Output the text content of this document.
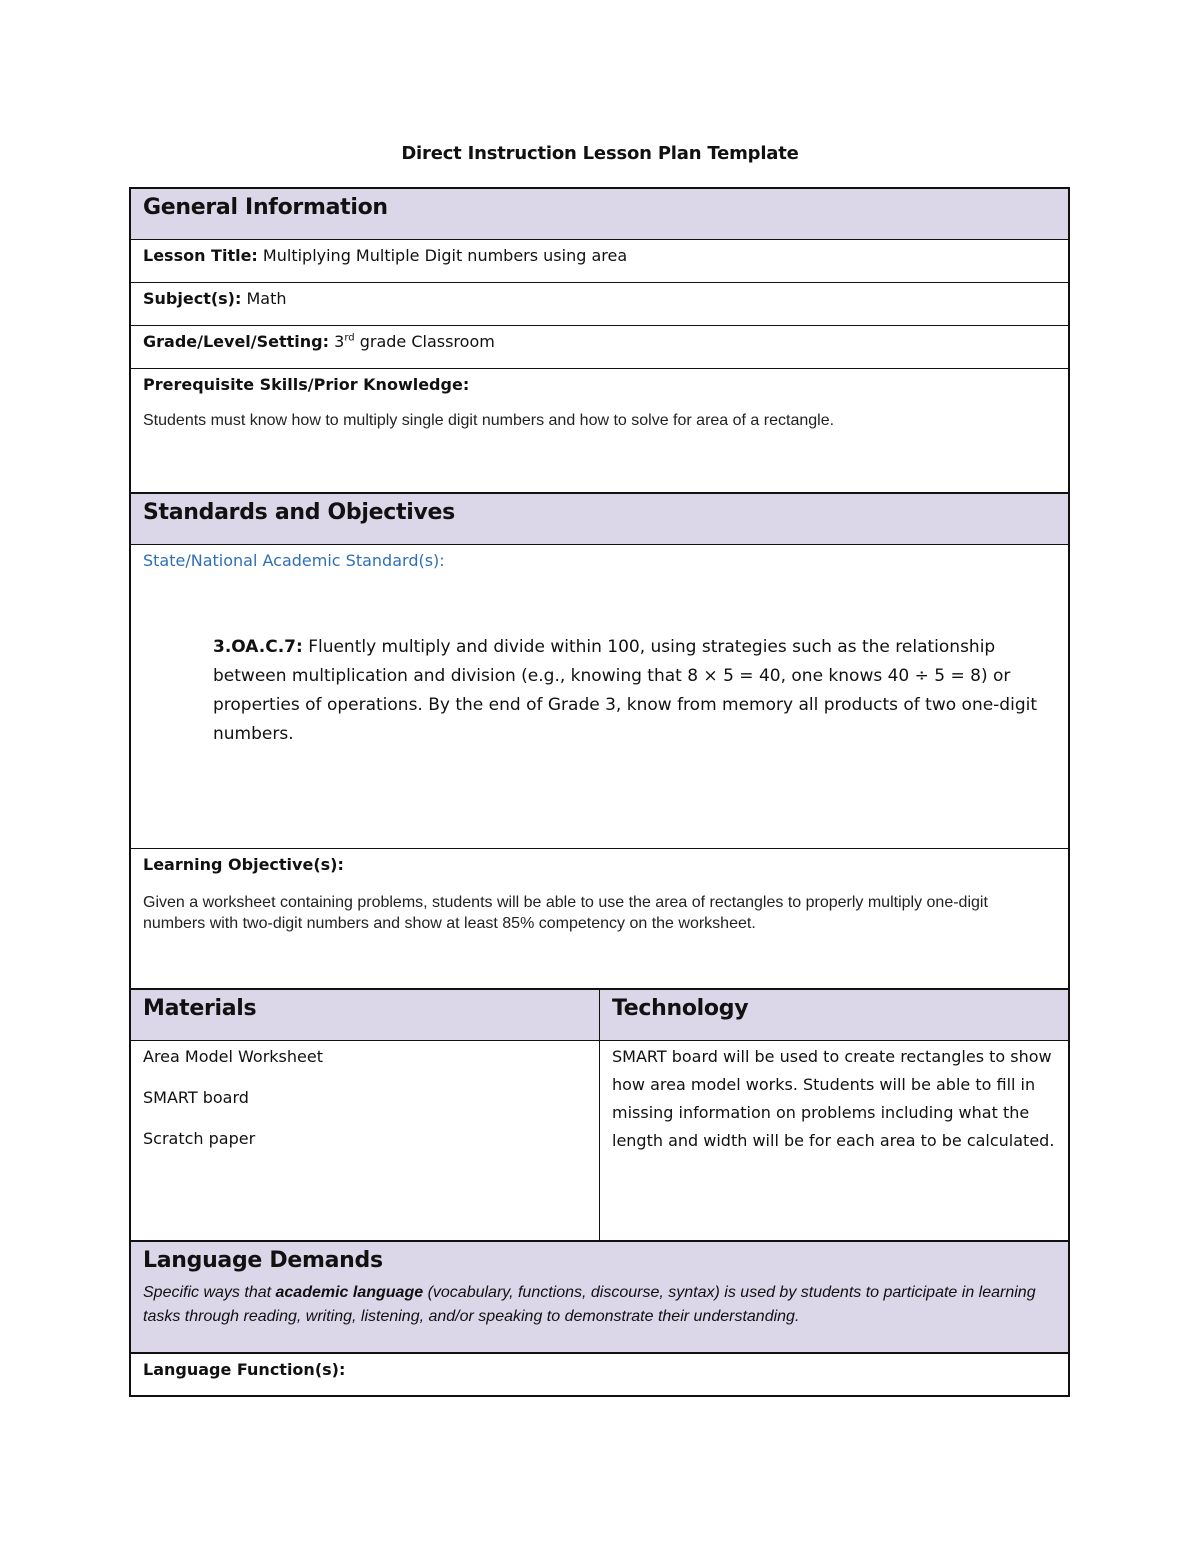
Direct Instruction Lesson Plan Template
General Information
Lesson Title: Multiplying Multiple Digit numbers using area
Subject(s): Math
Grade/Level/Setting: 3rd grade Classroom
Prerequisite Skills/Prior Knowledge:
Students must know how to multiply single digit numbers and how to solve for area of a rectangle.
Standards and Objectives
State/National Academic Standard(s):
3.OA.C.7: Fluently multiply and divide within 100, using strategies such as the relationship between multiplication and division (e.g., knowing that 8 × 5 = 40, one knows 40 ÷ 5 = 8) or properties of operations. By the end of Grade 3, know from memory all products of two one-digit numbers.
Learning Objective(s):
Given a worksheet containing problems, students will be able to use the area of rectangles to properly multiply one-digit numbers with two-digit numbers and show at least 85% competency on the worksheet.
Materials	Technology

Area Model Worksheet

SMART board

Scratch paper

SMART board will be used to create rectangles to show how area model works. Students will be able to fill in missing information on problems including what the length and width will be for each area to be calculated.
Language Demands
Specific ways that academic language (vocabulary, functions, discourse, syntax) is used by students to participate in learning tasks through reading, writing, listening, and/or speaking to demonstrate their understanding.
Language Function(s):
